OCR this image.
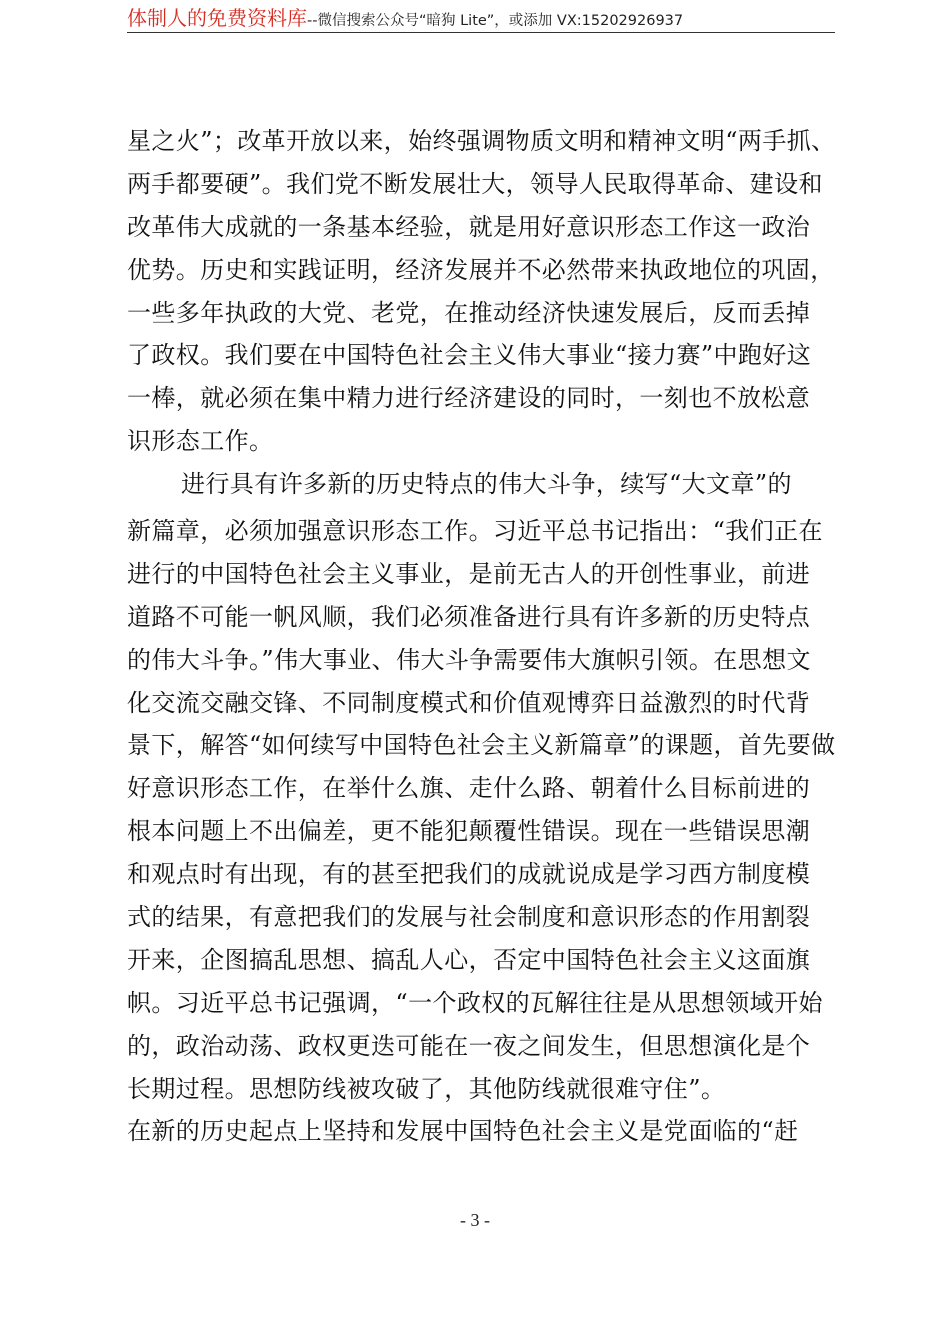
体制人的免费资料库--微信搜索公众号“暗狗 Lite”，或添加 VX:15202926937
星之火”；改革开放以来，始终强调物质文明和精神文明“两手抓、
两手都要硬”。我们党不断发展壮大，领导人民取得革命、建设和
改革伟大成就的一条基本经验，就是用好意识形态工作这一政治
优势。历史和实践证明，经济发展并不必然带来执政地位的巩固，
一些多年执政的大党、老党，在推动经济快速发展后，反而丢掉
了政权。我们要在中国特色社会主义伟大事业“接力赛”中跑好这
一棒，就必须在集中精力进行经济建设的同时，一刻也不放松意
识形态工作。
进行具有许多新的历史特点的伟大斗争，续写“大文章”的
新篇章，必须加强意识形态工作。习近平总书记指出：“我们正在
进行的中国特色社会主义事业，是前无古人的开创性事业，前进
道路不可能一帆风顺，我们必须准备进行具有许多新的历史特点
的伟大斗争。”伟大事业、伟大斗争需要伟大旗帜引领。在思想文
化交流交融交锋、不同制度模式和价值观博弈日益激烈的时代背
景下，解答“如何续写中国特色社会主义新篇章”的课题，首先要做
好意识形态工作，在举什么旗、走什么路、朝着什么目标前进的
根本问题上不出偏差，更不能犯颠覆性错误。现在一些错误思潮
和观点时有出现，有的甚至把我们的成就说成是学习西方制度模
式的结果，有意把我们的发展与社会制度和意识形态的作用割裂
开来，企图搞乱思想、搞乱人心，否定中国特色社会主义这面旗
帜。习近平总书记强调，“一个政权的瓦解往往是从思想领域开始
的，政治动荡、政权更迭可能在一夜之间发生，但思想演化是个
长期过程。思想防线被攻破了，其他防线就很难守住”。
在新的历史起点上坚持和发展中国特色社会主义是党面临的“赶
- 3 -
